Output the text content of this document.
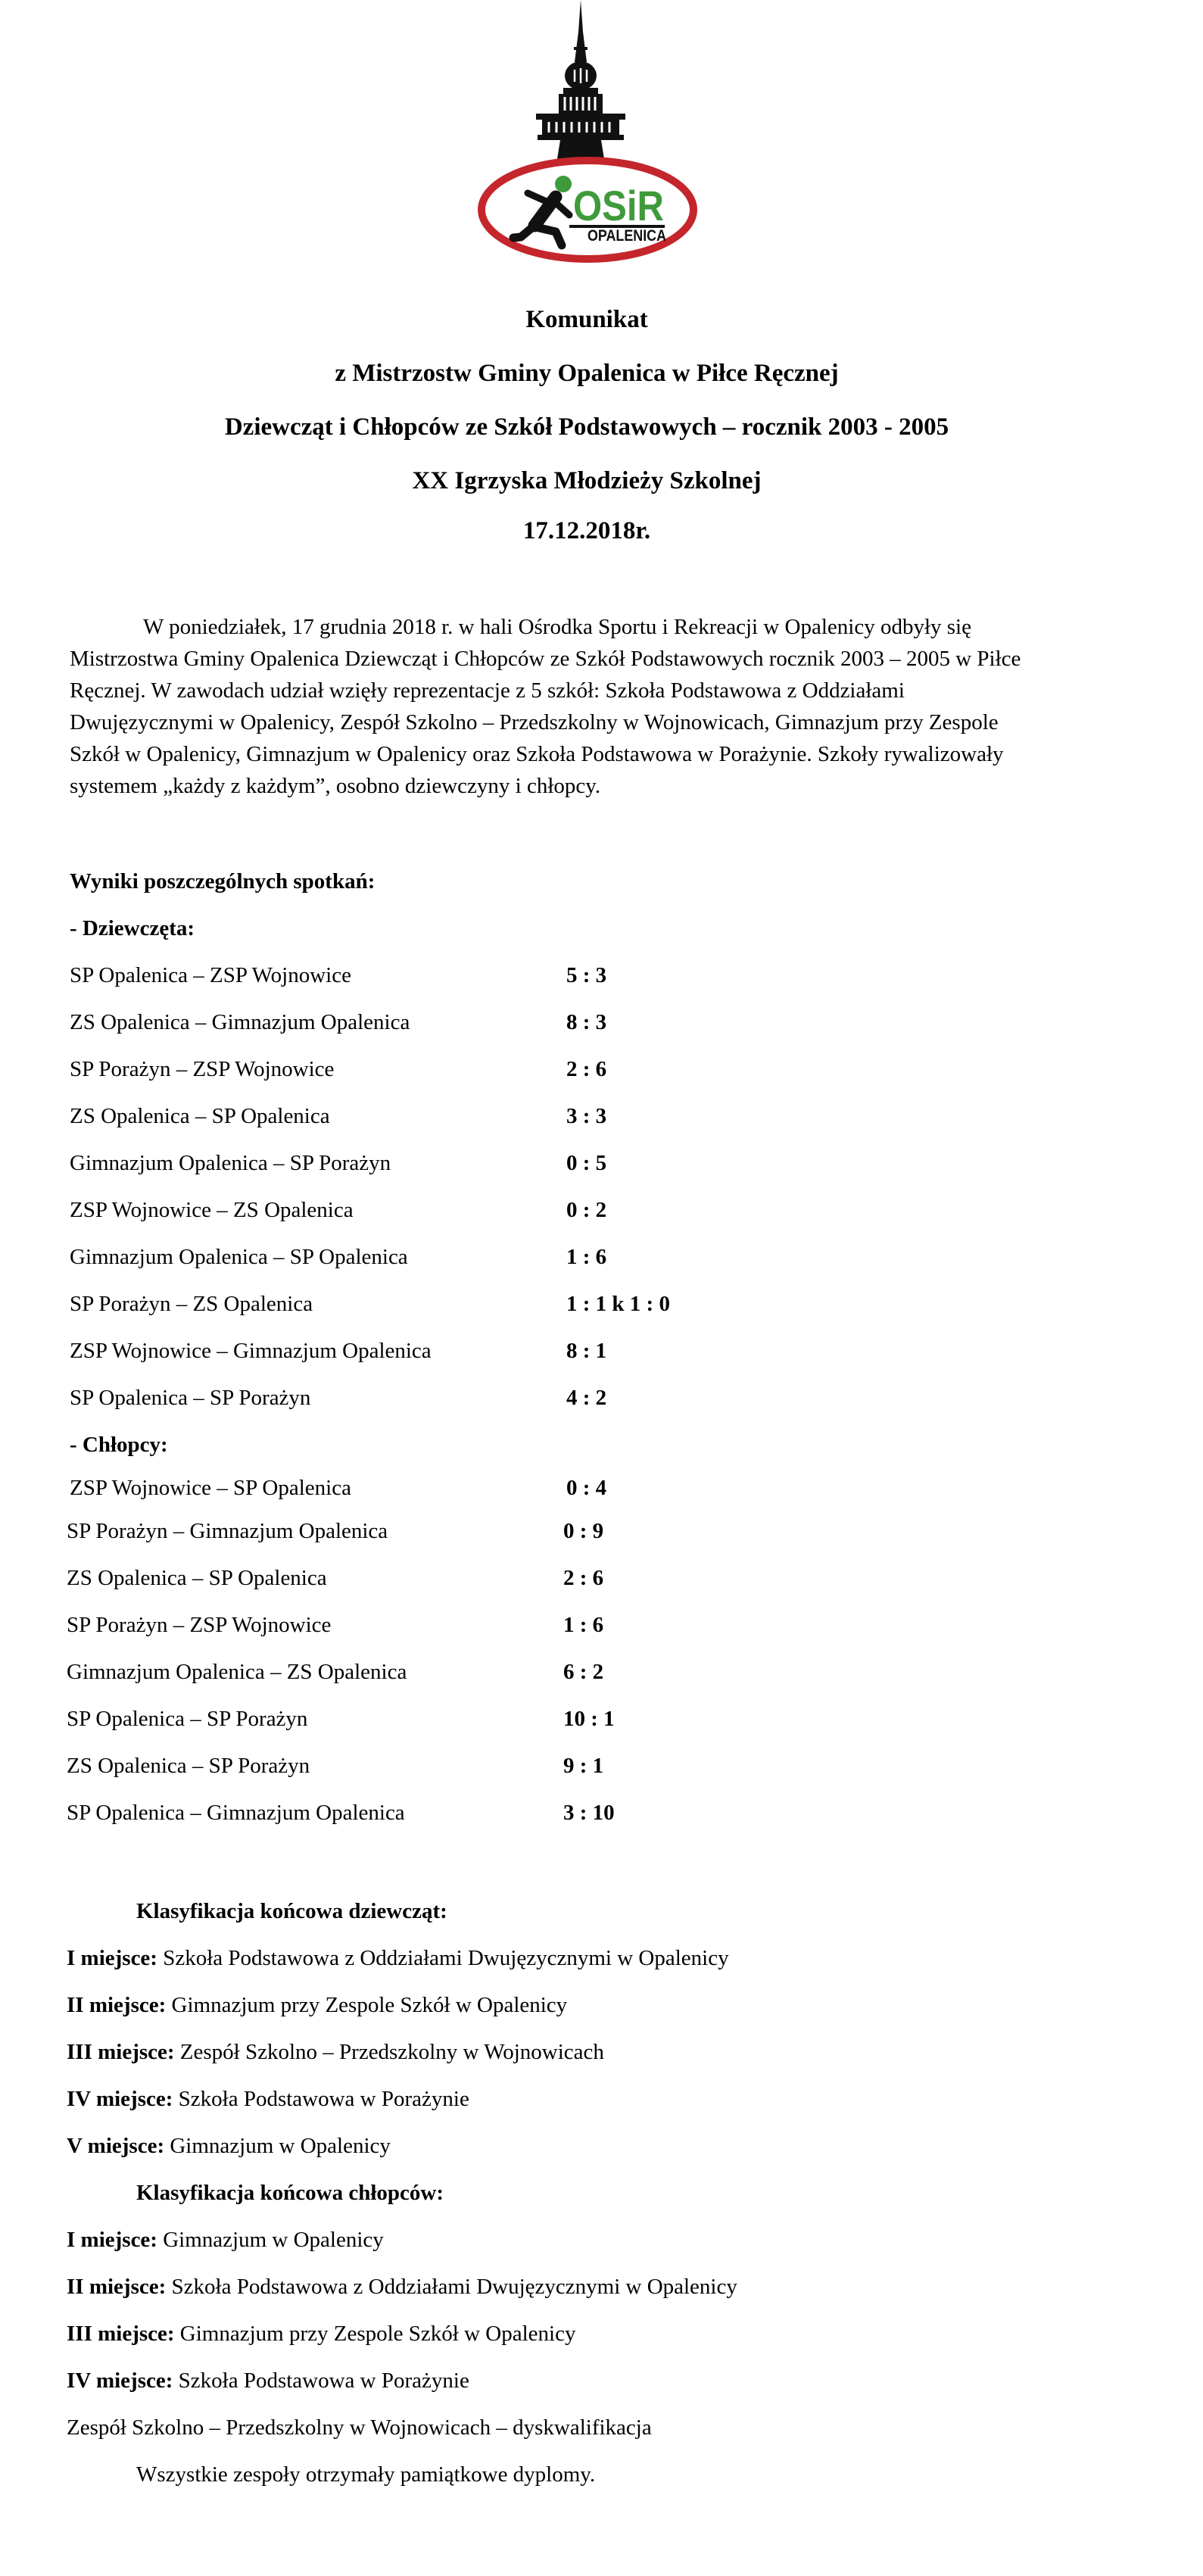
OSiR
OPALENICA
Komunikat
z Mistrzostw Gminy Opalenica w Piłce Ręcznej
Dziewcząt i Chłopców ze Szkół Podstawowych – rocznik 2003 - 2005
XX Igrzyska Młodzieży Szkolnej
17.12.2018r.
W poniedziałek, 17 grudnia 2018 r. w hali Ośrodka Sportu i Rekreacji w Opalenicy odbyły się
Mistrzostwa Gminy Opalenica Dziewcząt i Chłopców ze Szkół Podstawowych rocznik 2003 – 2005 w Piłce
Ręcznej. W zawodach udział wzięły reprezentacje z 5 szkół: Szkoła Podstawowa z Oddziałami
Dwujęzycznymi w Opalenicy, Zespół Szkolno – Przedszkolny w Wojnowicach, Gimnazjum przy Zespole
Szkół w Opalenicy, Gimnazjum w Opalenicy oraz Szkoła Podstawowa w Porażynie. Szkoły rywalizowały
systemem „każdy z każdym”, osobno dziewczyny i chłopcy.
Wyniki poszczególnych spotkań:
- Dziewczęta:
SP Opalenica – ZSP Wojnowice	5 : 3
ZS Opalenica – Gimnazjum Opalenica	8 : 3
SP Porażyn – ZSP Wojnowice	2 : 6
ZS Opalenica – SP Opalenica	3 : 3
Gimnazjum Opalenica – SP Porażyn	0 : 5
ZSP Wojnowice – ZS Opalenica	0 : 2
Gimnazjum Opalenica – SP Opalenica	1 : 6
SP Porażyn – ZS Opalenica	1 : 1 k 1 : 0
ZSP Wojnowice – Gimnazjum Opalenica	8 : 1
SP Opalenica – SP Porażyn	4 : 2
- Chłopcy:
ZSP Wojnowice – SP Opalenica	0 : 4
SP Porażyn – Gimnazjum Opalenica	0 : 9
ZS Opalenica – SP Opalenica	2 : 6
SP Porażyn – ZSP Wojnowice	1 : 6
Gimnazjum Opalenica – ZS Opalenica	6 : 2
SP Opalenica – SP Porażyn	10 : 1
ZS Opalenica – SP Porażyn	9 : 1
SP Opalenica – Gimnazjum Opalenica	3 : 10
Klasyfikacja końcowa dziewcząt:
I miejsce: Szkoła Podstawowa z Oddziałami Dwujęzycznymi w Opalenicy
II miejsce: Gimnazjum przy Zespole Szkół w Opalenicy
III miejsce: Zespół Szkolno – Przedszkolny w Wojnowicach
IV miejsce: Szkoła Podstawowa w Porażynie
V miejsce: Gimnazjum w Opalenicy
Klasyfikacja końcowa chłopców:
I miejsce: Gimnazjum w Opalenicy
II miejsce: Szkoła Podstawowa z Oddziałami Dwujęzycznymi w Opalenicy
III miejsce: Gimnazjum przy Zespole Szkół w Opalenicy
IV miejsce: Szkoła Podstawowa w Porażynie
Zespół Szkolno – Przedszkolny w Wojnowicach – dyskwalifikacja
Wszystkie zespoły otrzymały pamiątkowe dyplomy.
